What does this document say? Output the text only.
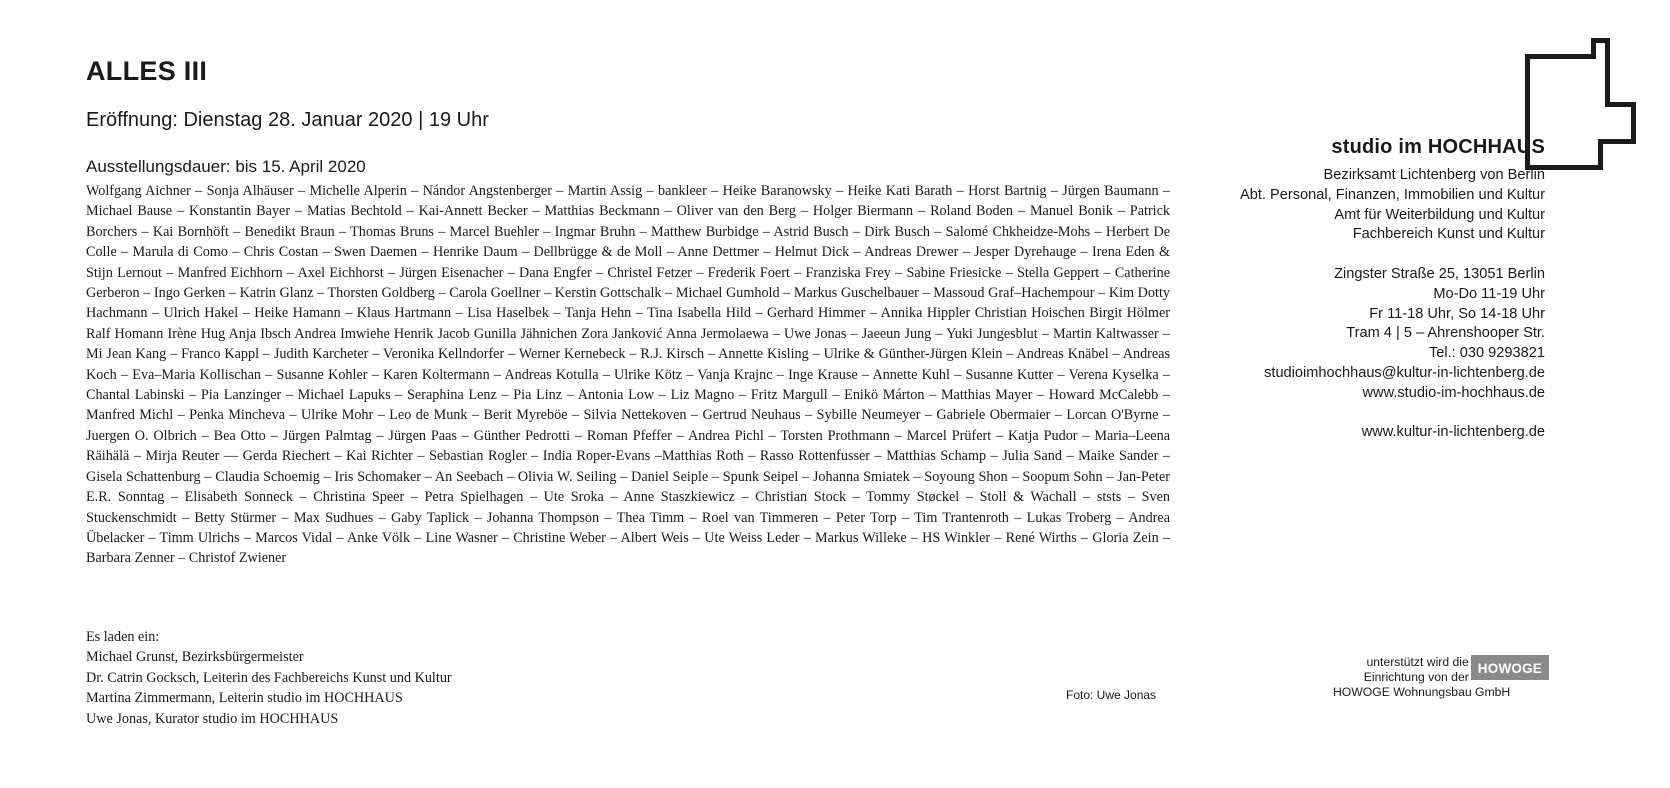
ALLES III
Eröffnung: Dienstag 28. Januar 2020 | 19 Uhr
Ausstellungsdauer: bis 15. April 2020
Wolfgang Aichner – Sonja Alhäuser – Michelle Alperin – Nándor Angstenberger – Martin Assig – bankleer – Heike Baranowsky – Heike Kati Barath – Horst Bartnig – Jürgen Baumann – Michael Bause – Konstantin Bayer – Matias Bechtold – Kai-Annett Becker – Matthias Beckmann – Oliver van den Berg – Holger Biermann – Roland Boden – Manuel Bonik – Patrick Borchers – Kai Bornhöft – Benedikt Braun – Thomas Bruns – Marcel Buehler – Ingmar Bruhn – Matthew Burbidge – Astrid Busch – Dirk Busch – Salomé Chkheidze-Mohs – Herbert De Colle – Marula di Como – Chris Costan – Swen Daemen – Henrike Daum – Dellbrügge & de Moll – Anne Dettmer – Helmut Dick – Andreas Drewer – Jesper Dyrehauge – Irena Eden & Stijn Lernout – Manfred Eichhorn – Axel Eichhorst – Jürgen Eisenacher – Dana Engfer – Christel Fetzer – Frederik Foert – Franziska Frey – Sabine Friesicke – Stella Geppert – Catherine Gerberon – Ingo Gerken – Katrin Glanz – Thorsten Goldberg – Carola Goellner – Kerstin Gottschalk – Michael Gumhold – Markus Guschelbauer – Massoud Graf–Hachempour – Kim Dotty Hachmann – Ulrich Hakel – Heike Hamann – Klaus Hartmann – Lisa Haselbek – Tanja Hehn – Tina Isabella Hild – Gerhard Himmer – Annika Hippler Christian Hoischen Birgit Hölmer Ralf Homann Irène Hug Anja Ibsch Andrea Imwiehe Henrik Jacob Gunilla Jähnichen Zora Janković Anna Jermolaewa – Uwe Jonas – Jaeeun Jung – Yuki Jungesblut – Martin Kaltwasser – Mi Jean Kang – Franco Kappl – Judith Karcheter – Veronika Kellndorfer – Werner Kernebeck – R.J. Kirsch – Annette Kisling – Ulrike & Günther-Jürgen Klein – Andreas Knäbel – Andreas Koch – Eva–Maria Kollischan – Susanne Kohler – Karen Koltermann – Andreas Kotulla – Ulrike Kötz – Vanja Krajnc – Inge Krause – Annette Kuhl – Susanne Kutter – Verena Kyselka – Chantal Labinski – Pia Lanzinger – Michael Lapuks – Seraphina Lenz – Pia Linz – Antonia Low – Liz Magno – Fritz Margull – Enikö Márton – Matthias Mayer – Howard McCalebb – Manfred Michl – Penka Mincheva – Ulrike Mohr – Leo de Munk – Berit Myreböe – Silvia Nettekoven – Gertrud Neuhaus – Sybille Neumeyer – Gabriele Obermaier – Lorcan O'Byrne – Juergen O. Olbrich – Bea Otto – Jürgen Palmtag – Jürgen Paas – Günther Pedrotti – Roman Pfeffer – Andrea Pichl – Torsten Prothmann – Marcel Prüfert – Katja Pudor – Maria–Leena Räihälä – Mirja Reuter — Gerda Riechert – Kai Richter – Sebastian Rogler – India Roper-Evans –Matthias Roth – Rasso Rottenfusser – Matthias Schamp – Julia Sand – Maike Sander – Gisela Schattenburg – Claudia Schoemig – Iris Schomaker – An Seebach – Olivia W. Seiling – Daniel Seiple – Spunk Seipel – Johanna Smiatek – Soyoung Shon – Soopum Sohn – Jan-Peter E.R. Sonntag – Elisabeth Sonneck – Christina Speer – Petra Spielhagen – Ute Sroka – Anne Staszkiewicz – Christian Stock – Tommy Støckel – Stoll & Wachall – ststs – Sven Stuckenschmidt – Betty Stürmer – Max Sudhues – Gaby Taplick – Johanna Thompson – Thea Timm – Roel van Timmeren – Peter Torp – Tim Trantenroth – Lukas Troberg – Andrea Übelacker – Timm Ulrichs – Marcos Vidal – Anke Völk – Line Wasner – Christine Weber – Albert Weis – Ute Weiss Leder – Markus Willeke – HS Winkler – René Wirths – Gloria Zein – Barbara Zenner – Christof Zwiener
Es laden ein:
Michael Grunst, Bezirksbürgermeister
Dr. Catrin Gocksch, Leiterin des Fachbereichs Kunst und Kultur
Martina Zimmermann, Leiterin studio im HOCHHAUS
Uwe Jonas, Kurator studio im HOCHHAUS
Foto: Uwe Jonas
studio im HOCHHAUS
Bezirksamt Lichtenberg von Berlin
Abt. Personal, Finanzen, Immobilien und Kultur
Amt für Weiterbildung und Kultur
Fachbereich Kunst und Kultur
Zingster Straße 25, 13051 Berlin
Mo-Do 11-19 Uhr
Fr 11-18 Uhr, So 14-18 Uhr
Tram 4 | 5 – Ahrenshooper Str.
Tel.: 030 9293821
studioimhochhaus@kultur-in-lichtenberg.de
www.studio-im-hochhaus.de
www.kultur-in-lichtenberg.de
unterstützt wird die
Einrichtung von der
HOWOGE
HOWOGE Wohnungsbau GmbH
